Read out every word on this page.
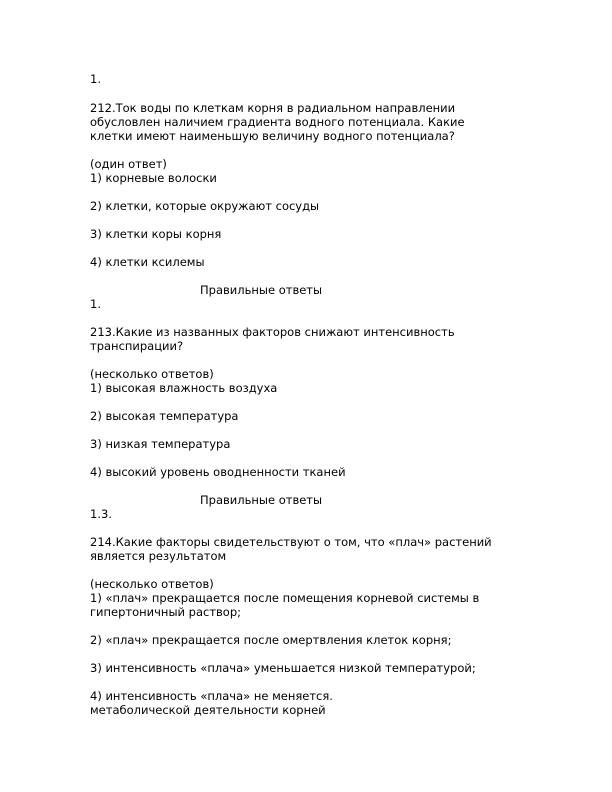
1.
212.Ток воды по клеткам корня в радиальном направлении
обусловлен наличием градиента водного потенциала. Какие
клетки имеют наименьшую величину водного потенциала?
(один ответ)
1) корневые волоски
2) клетки, которые окружают сосуды
3) клетки коры корня
4) клетки ксилемы
Правильные ответы
1.
213.Какие из названных факторов снижают интенсивность
транспирации?
(несколько ответов)
1) высокая влажность воздуха
2) высокая температура
3) низкая температура
4) высокий уровень оводненности тканей
Правильные ответы
1.3.
214.Какие факторы свидетельствуют о том, что «плач» растений
является результатом
(несколько ответов)
1) «плач» прекращается после помещения корневой системы в
гипертоничный раствор;
2) «плач» прекращается после омертвления клеток корня;
3) интенсивность «плача» уменьшается низкой температурой;
4) интенсивность «плача» не меняется.
метаболической деятельности корней
